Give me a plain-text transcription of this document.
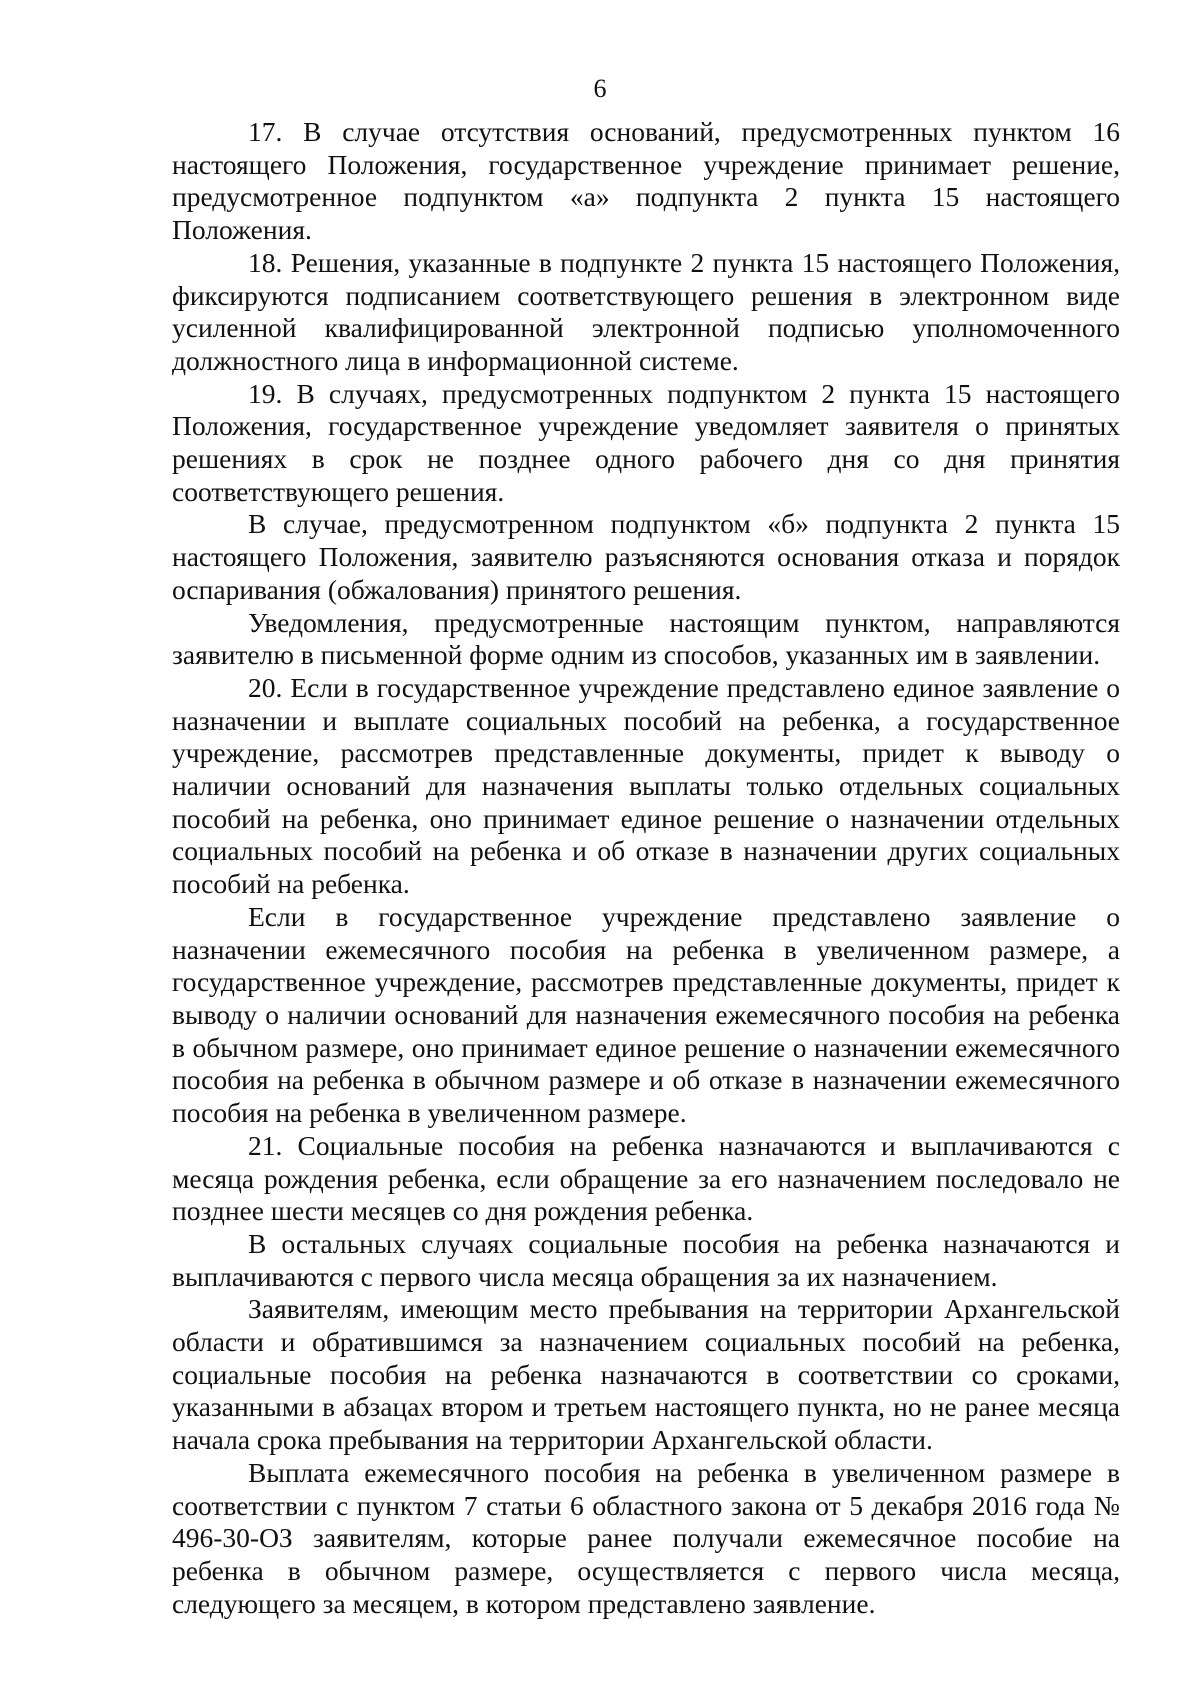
6

17. В случае отсутствия оснований, предусмотренных пунктом 16 настоящего Положения, государственное учреждение принимает решение, предусмотренное подпунктом «а» подпункта 2 пункта 15 настоящего Положения.

18. Решения, указанные в подпункте 2 пункта 15 настоящего Положения, фиксируются подписанием соответствующего решения в электронном виде усиленной квалифицированной электронной подписью уполномоченного должностного лица в информационной системе.

19. В случаях, предусмотренных подпунктом 2 пункта 15 настоящего Положения, государственное учреждение уведомляет заявителя о принятых решениях в срок не позднее одного рабочего дня со дня принятия соответствующего решения.

В случае, предусмотренном подпунктом «б» подпункта 2 пункта 15 настоящего Положения, заявителю разъясняются основания отказа и порядок оспаривания (обжалования) принятого решения.

Уведомления, предусмотренные настоящим пунктом, направляются заявителю в письменной форме одним из способов, указанных им в заявлении.

20. Если в государственное учреждение представлено единое заявление о назначении и выплате социальных пособий на ребенка, а государственное учреждение, рассмотрев представленные документы, придет к выводу о наличии оснований для назначения выплаты только отдельных социальных пособий на ребенка, оно принимает единое решение о назначении отдельных социальных пособий на ребенка и об отказе в назначении других социальных пособий на ребенка.

Если в государственное учреждение представлено заявление о назначении ежемесячного пособия на ребенка в увеличенном размере, а государственное учреждение, рассмотрев представленные документы, придет к выводу о наличии оснований для назначения ежемесячного пособия на ребенка в обычном размере, оно принимает единое решение о назначении ежемесячного пособия на ребенка в обычном размере и об отказе в назначении ежемесячного пособия на ребенка в увеличенном размере.

21. Социальные пособия на ребенка назначаются и выплачиваются с месяца рождения ребенка, если обращение за его назначением последовало не позднее шести месяцев со дня рождения ребенка.

В остальных случаях социальные пособия на ребенка назначаются и выплачиваются с первого числа месяца обращения за их назначением.

Заявителям, имеющим место пребывания на территории Архангельской области и обратившимся за назначением социальных пособий на ребенка, социальные пособия на ребенка назначаются в соответствии со сроками, указанными в абзацах втором и третьем настоящего пункта, но не ранее месяца начала срока пребывания на территории Архангельской области.

Выплата ежемесячного пособия на ребенка в увеличенном размере в соответствии с пунктом 7 статьи 6 областного закона от 5 декабря 2016 года № 496-30-ОЗ заявителям, которые ранее получали ежемесячное пособие на ребенка в обычном размере, осуществляется с первого числа месяца, следующего за месяцем, в котором представлено заявление.
